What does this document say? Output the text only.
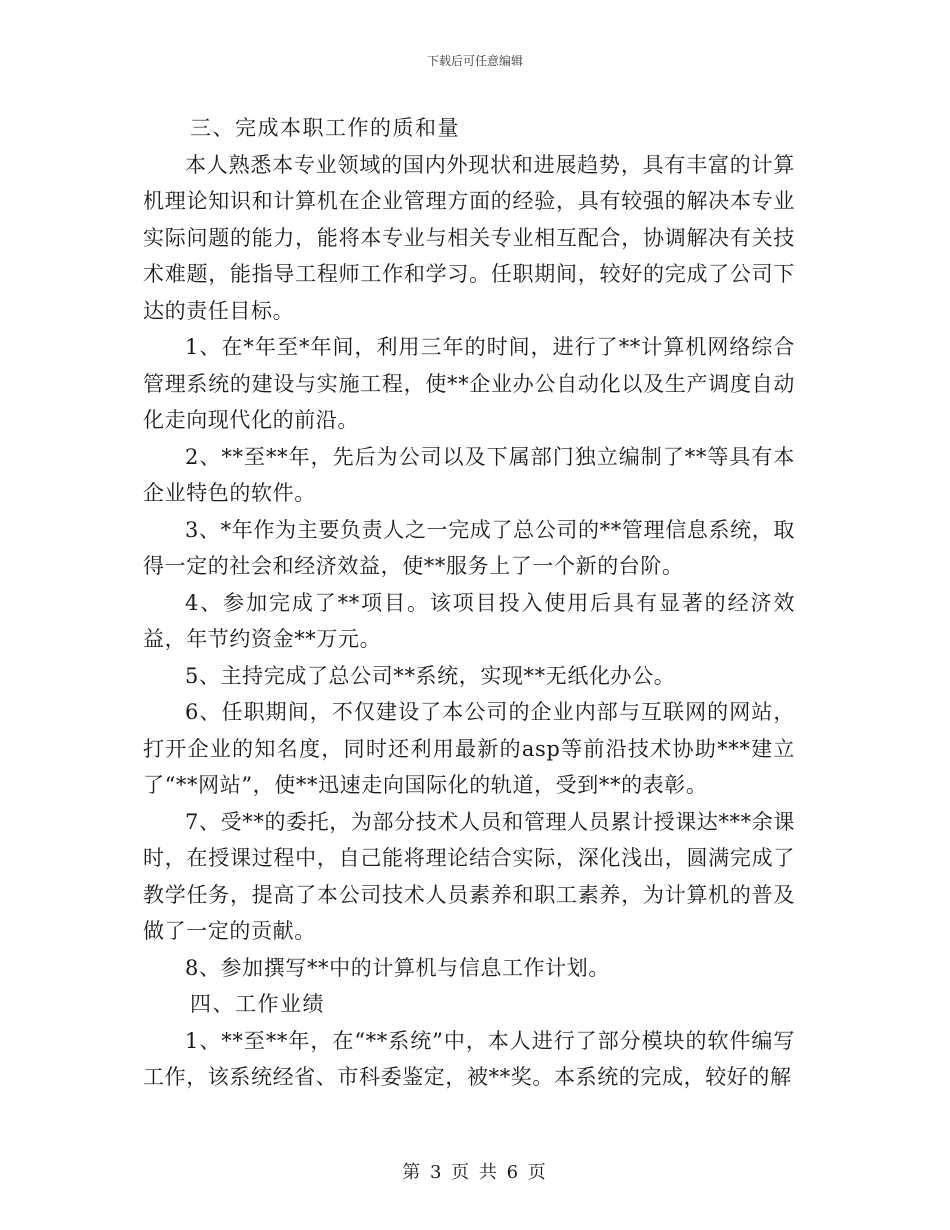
下载后可任意编辑

三、完成本职工作的质和量

本人熟悉本专业领域的国内外现状和进展趋势，具有丰富的计算机理论知识和计算机在企业管理方面的经验，具有较强的解决本专业实际问题的能力，能将本专业与相关专业相互配合，协调解决有关技术难题，能指导工程师工作和学习。任职期间，较好的完成了公司下达的责任目标。

1、在*年至*年间，利用三年的时间，进行了**计算机网络综合管理系统的建设与实施工程，使**企业办公自动化以及生产调度自动化走向现代化的前沿。

2、**至**年，先后为公司以及下属部门独立编制了**等具有本企业特色的软件。

3、*年作为主要负责人之一完成了总公司的**管理信息系统，取得一定的社会和经济效益，使**服务上了一个新的台阶。

4、参加完成了**项目。该项目投入使用后具有显著的经济效益，年节约资金**万元。

5、主持完成了总公司**系统，实现**无纸化办公。

6、任职期间，不仅建设了本公司的企业内部与互联网的网站，打开企业的知名度，同时还利用最新的asp等前沿技术协助***建立了“**网站”，使**迅速走向国际化的轨道，受到**的表彰。

7、受**的委托，为部分技术人员和管理人员累计授课达***余课时，在授课过程中，自己能将理论结合实际，深化浅出，圆满完成了教学任务，提高了本公司技术人员素养和职工素养，为计算机的普及做了一定的贡献。

8、参加撰写**中的计算机与信息工作计划。

四、工作业绩

1、**至**年，在“**系统”中，本人进行了部分模块的软件编写工作，该系统经省、市科委鉴定，被**奖。本系统的完成，较好的解

第 3 页 共 6 页
